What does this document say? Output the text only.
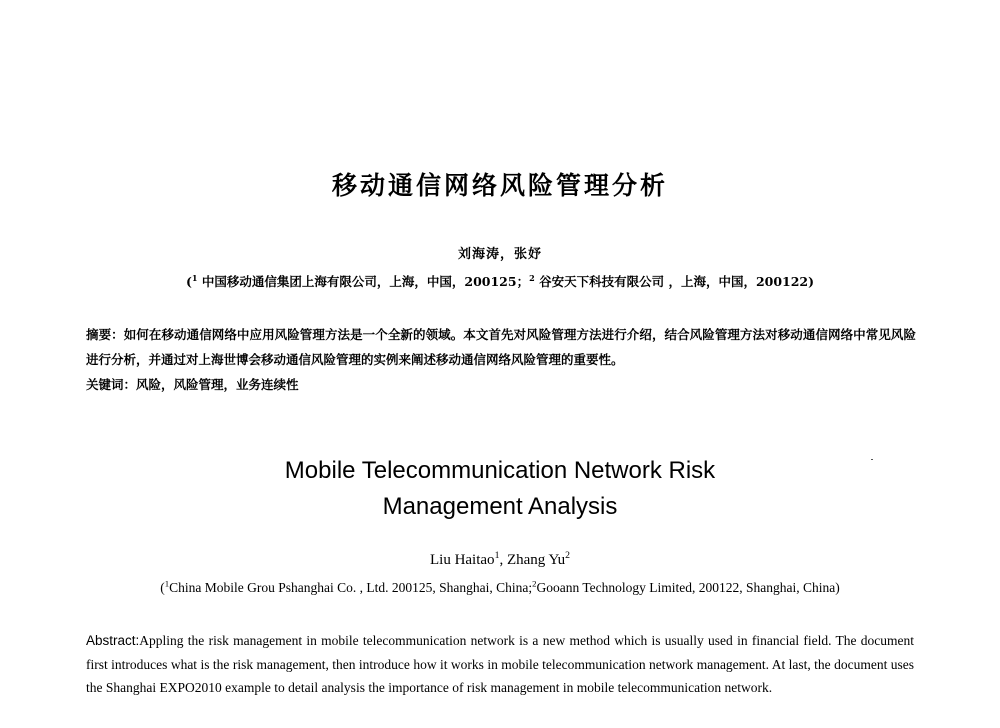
移动通信网络风险管理分析
刘海涛，张妤
($^1$ 中国移动通信集团上海有限公司，上海，中国，200125；$^2$ 谷安天下科技有限公司 ，上海，中国，200122)
摘要：如何在移动通信网络中应用风险管理方法是一个全新的领域。本文首先对风险管理方法进行介绍，结合风险管理方法对移动通信网络中常见风险进行分析，并通过对上海世博会移动通信风险管理的实例来阐述移动通信网络风险管理的重要性。
关键词：风险，风险管理，业务连续性
Mobile Telecommunication Network Risk
Management Analysis
Liu Haitao$^1$, Zhang Yu$^2$
($^1$China Mobile Grou Pshanghai Co. , Ltd. 200125, Shanghai, China;$^2$Gooann Technology Limited, 200122, Shanghai, China)
Abstract:Appling the risk management in mobile telecommunication network is a new method which is usually used in financial field. The document first introduces what is the risk management, then introduce how it works in mobile telecommunication network management. At last, the document uses the Shanghai EXPO2010 example to detail analysis the importance of risk management in mobile telecommunication network.
